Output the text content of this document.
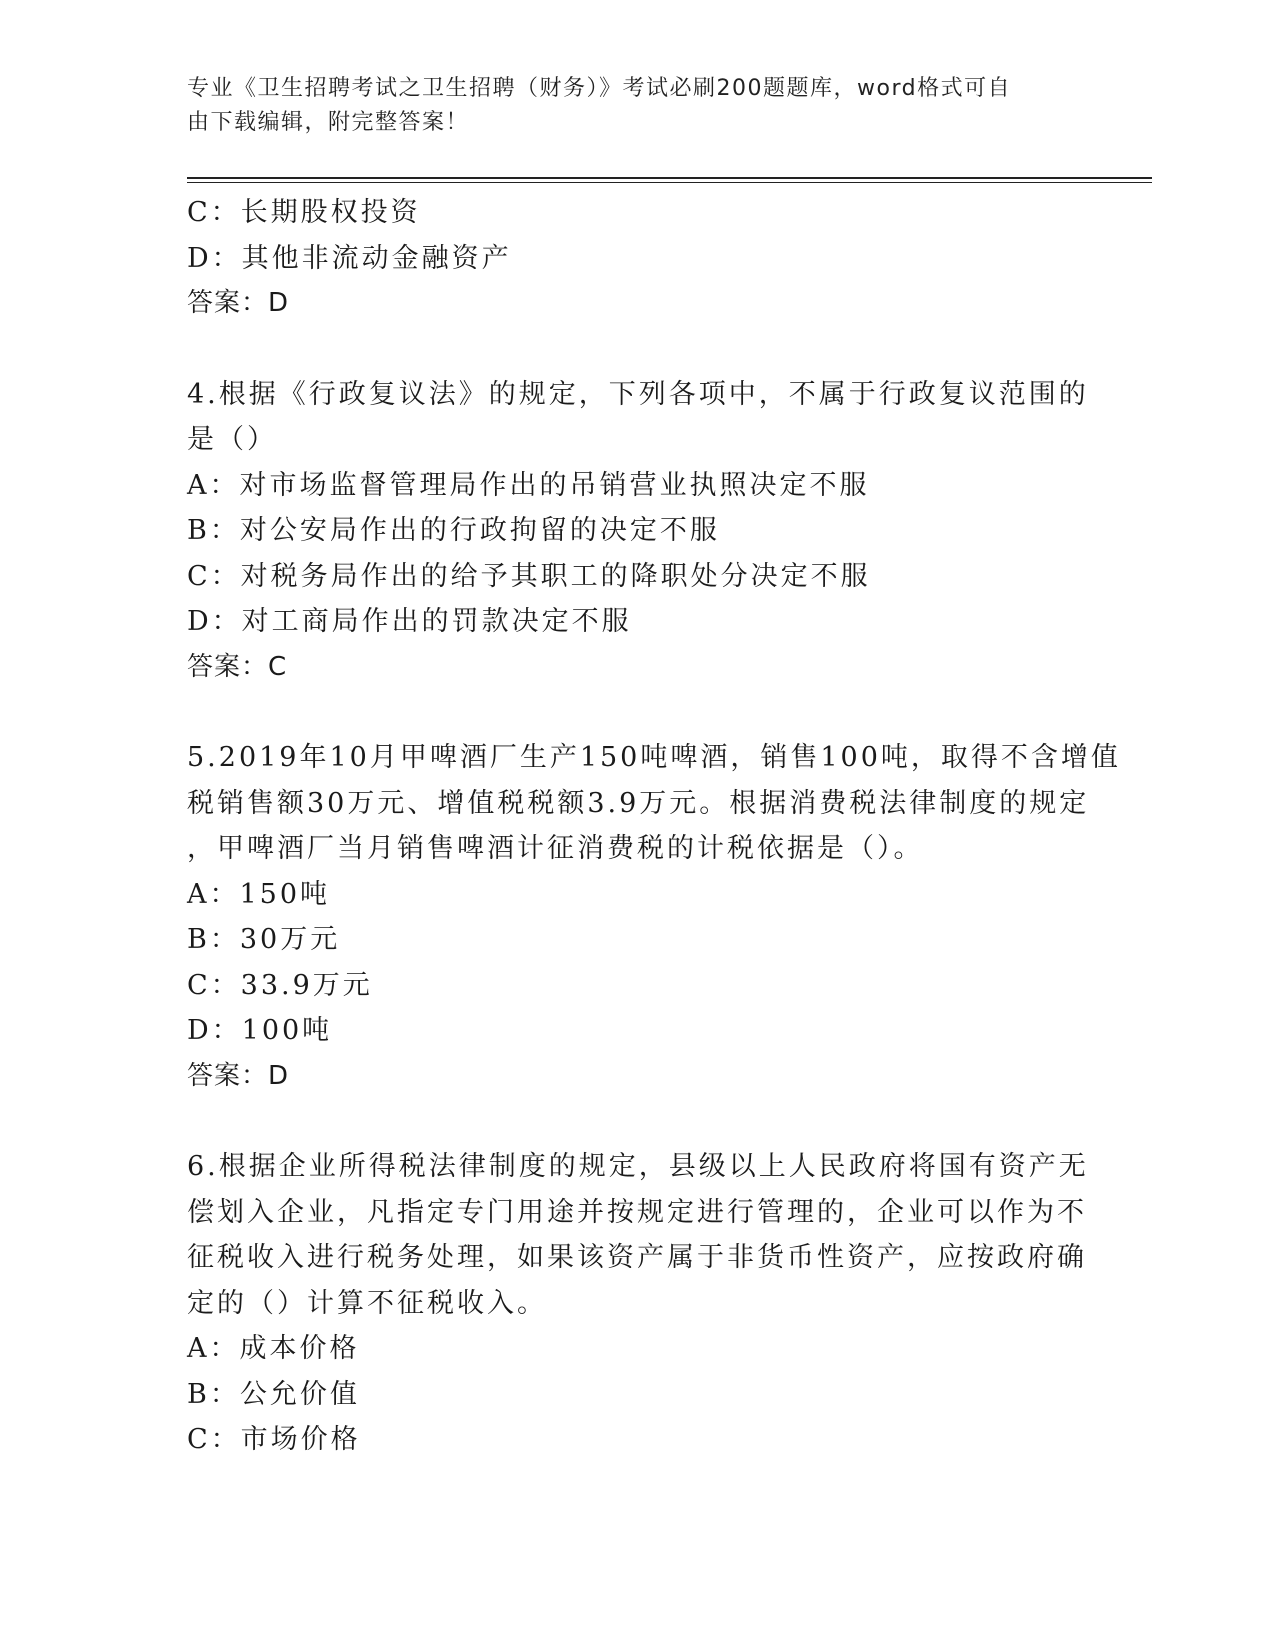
专业《卫生招聘考试之卫生招聘（财务）》考试必刷200题题库，word格式可自
由下载编辑，附完整答案！
C：长期股权投资
D：其他非流动金融资产
答案：D
4.根据《行政复议法》的规定，下列各项中，不属于行政复议范围的
是（）
A：对市场监督管理局作出的吊销营业执照决定不服
B：对公安局作出的行政拘留的决定不服
C：对税务局作出的给予其职工的降职处分决定不服
D：对工商局作出的罚款决定不服
答案：C
5.2019年10月甲啤酒厂生产150吨啤酒，销售100吨，取得不含增值
税销售额30万元、增值税税额3.9万元。根据消费税法律制度的规定
，甲啤酒厂当月销售啤酒计征消费税的计税依据是（）。
A：150吨
B：30万元
C：33.9万元
D：100吨
答案：D
6.根据企业所得税法律制度的规定，县级以上人民政府将国有资产无
偿划入企业，凡指定专门用途并按规定进行管理的，企业可以作为不
征税收入进行税务处理，如果该资产属于非货币性资产，应按政府确
定的（）计算不征税收入。
A：成本价格
B：公允价值
C：市场价格
